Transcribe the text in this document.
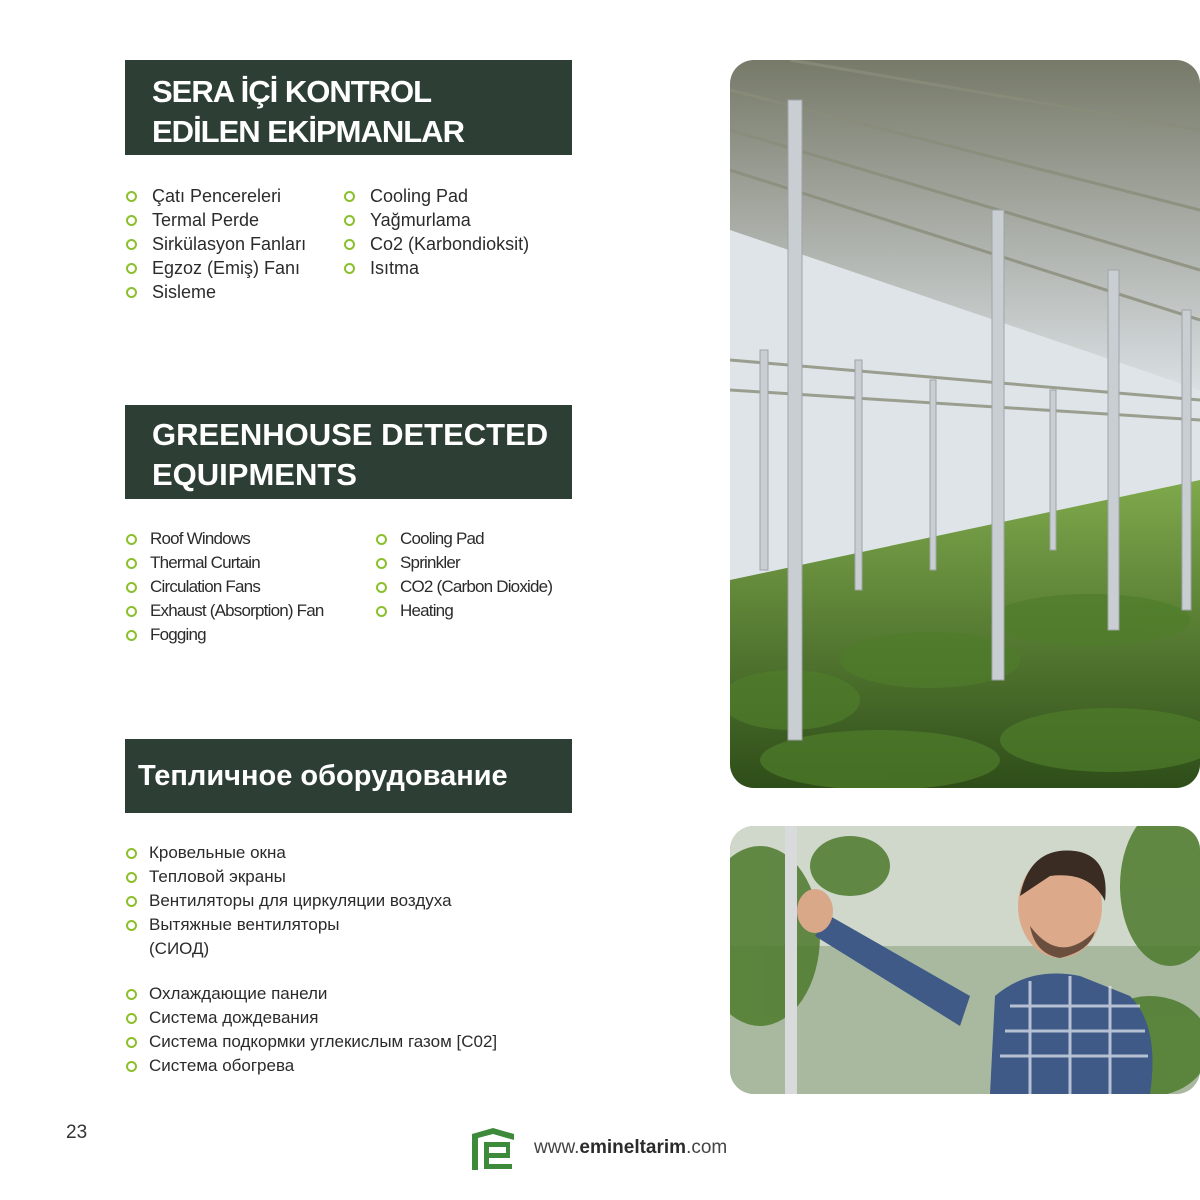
SERA İÇİ KONTROL
EDİLEN EKİPMANLAR
Çatı Pencereleri
Termal Perde
Sirkülasyon Fanları
Egzoz (Emiş) Fanı
Sisleme
Cooling Pad
Yağmurlama
Co2 (Karbondioksit)
Isıtma
GREENHOUSE DETECTED
EQUIPMENTS
Roof Windows
Thermal Curtain
Circulation Fans
Exhaust (Absorption) Fan
Fogging
Cooling Pad
Sprinkler
CO2 (Carbon Dioxide)
Heating
Тепличное оборудование
Кровельные окна
Тепловой экраны
Вентиляторы для циркуляции воздуха
Вытяжные вентиляторы
(СИОД)
Охлаждающие панели
Система дождевания
Система подкормки углекислым газом [C02]
Система обогрева
23
www.emineltarim.com
